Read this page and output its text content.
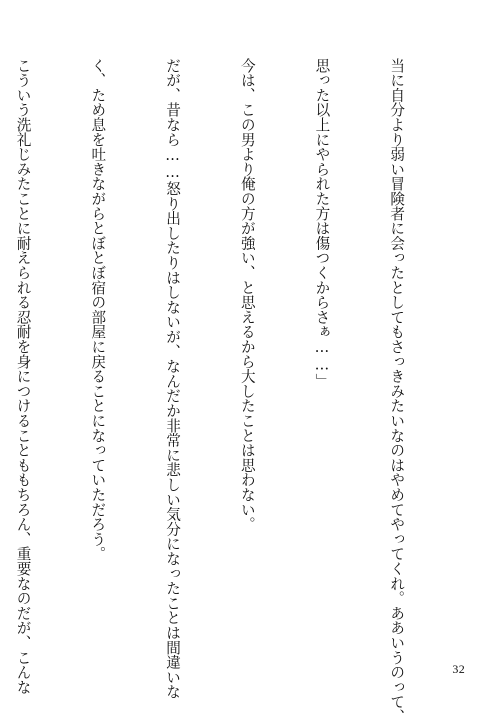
当に自分より弱い冒険者に会ったとしてもさっきみたいなのはやめてやってくれ。ああいうのって、

思った以上にやられた方は傷つくからさぁ……」

今は、この男より俺の方が強い、と思えるから大したことは思わない。

だが、昔なら……怒り出したりはしないが、なんだか非常に悲しい気分になったことは間違いな

く、ため息を吐きながらとぼとぼ宿の部屋に戻ることになっていただろう。

こういう洗礼じみたことに耐えられる忍耐を身につけることももちろん、重要なのだが、こんな

	32
